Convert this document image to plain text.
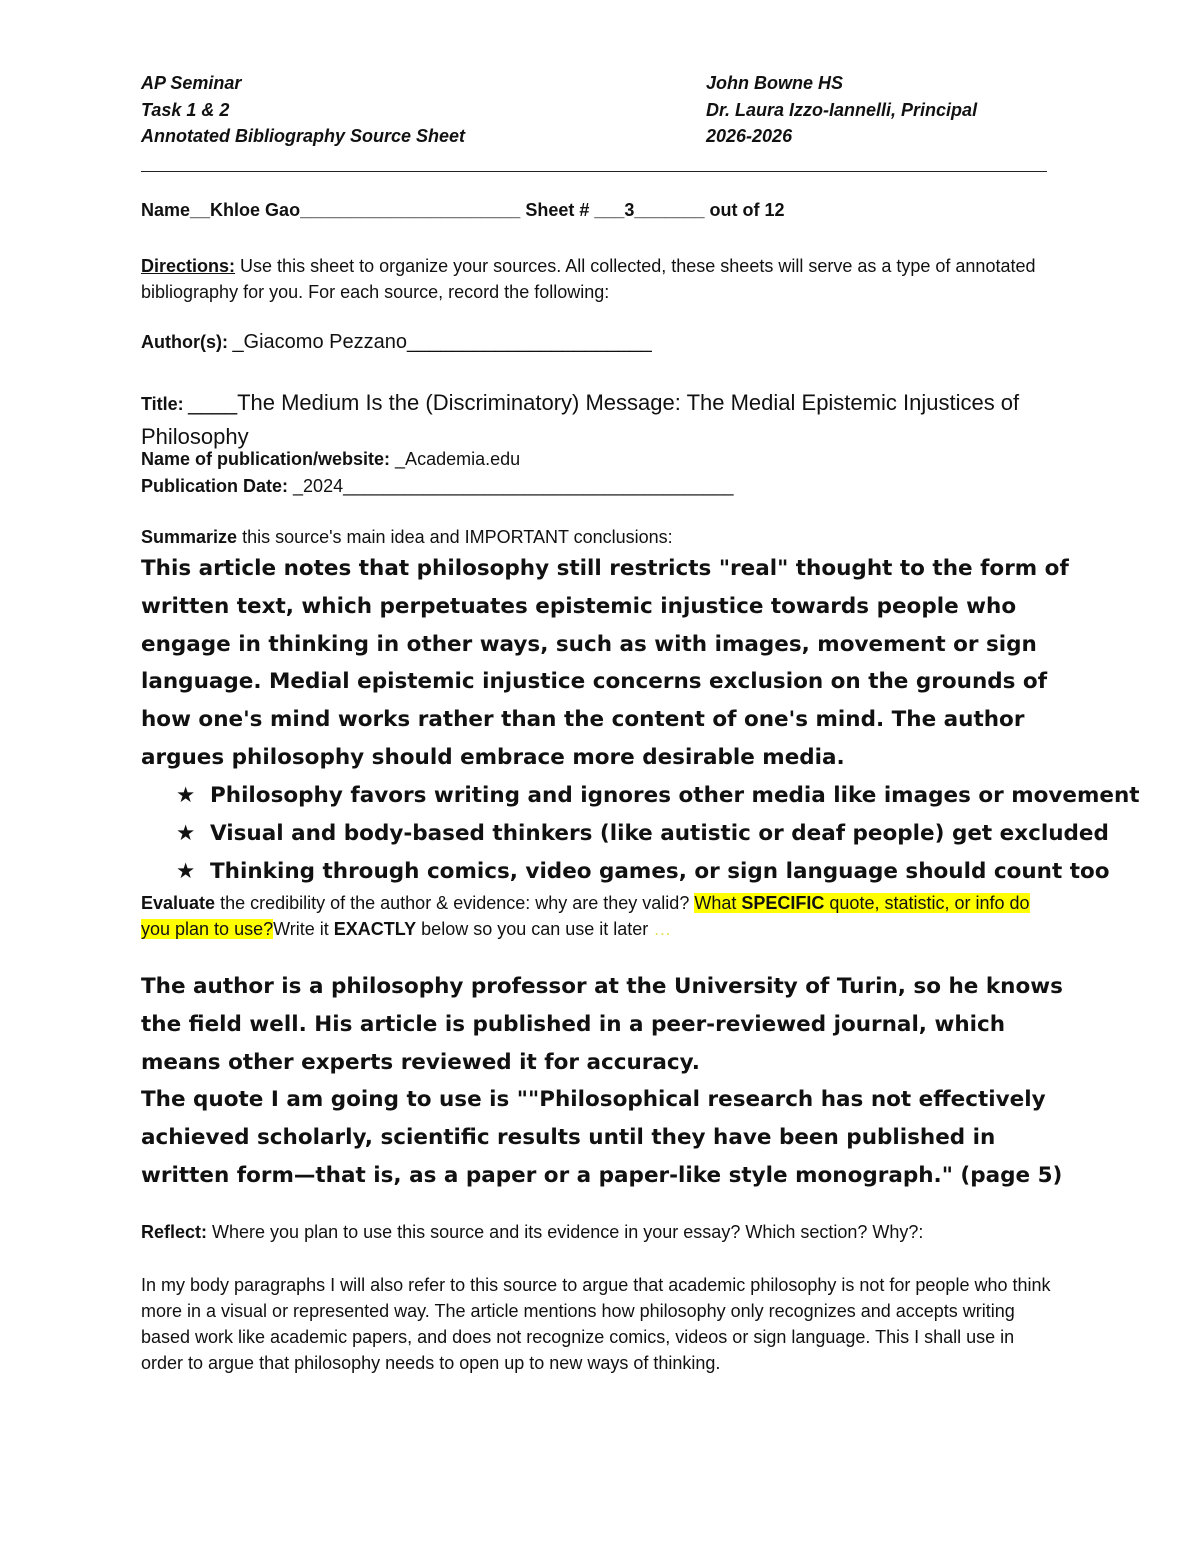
AP Seminar
Task 1 & 2
Annotated Bibliography Source Sheet
John Bowne HS
Dr. Laura Izzo-Iannelli, Principal
2026-2026
Name__Khloe Gao______________________ Sheet # ___3_______ out of 12
Directions: Use this sheet to organize your sources. All collected, these sheets will serve as a type of annotated bibliography for you. For each source, record the following:
Author(s): _Giacomo Pezzano______________________
Title: ____The Medium Is the (Discriminatory) Message: The Medial Epistemic Injustices of Philosophy
Name of publication/website: _Academia.edu
Publication Date: _2024_______________________________________
Summarize this source's main idea and IMPORTANT conclusions:
This article notes that philosophy still restricts "real" thought to the form of written text, which perpetuates epistemic injustice towards people who engage in thinking in other ways, such as with images, movement or sign language. Medial epistemic injustice concerns exclusion on the grounds of how one's mind works rather than the content of one's mind. The author argues philosophy should embrace more desirable media.
★ Philosophy favors writing and ignores other media like images or movement
★ Visual and body-based thinkers (like autistic or deaf people) get excluded
★ Thinking through comics, video games, or sign language should count too
Evaluate the credibility of the author & evidence: why are they valid? What SPECIFIC quote, statistic, or info do you plan to use?Write it EXACTLY below so you can use it later …
The author is a philosophy professor at the University of Turin, so he knows the field well. His article is published in a peer-reviewed journal, which means other experts reviewed it for accuracy.
The quote I am going to use is ""Philosophical research has not effectively achieved scholarly, scientific results until they have been published in written form—that is, as a paper or a paper-like style monograph." (page 5)
Reflect: Where you plan to use this source and its evidence in your essay? Which section? Why?:
In my body paragraphs I will also refer to this source to argue that academic philosophy is not for people who think more in a visual or represented way. The article mentions how philosophy only recognizes and accepts writing based work like academic papers, and does not recognize comics, videos or sign language. This I shall use in order to argue that philosophy needs to open up to new ways of thinking.
